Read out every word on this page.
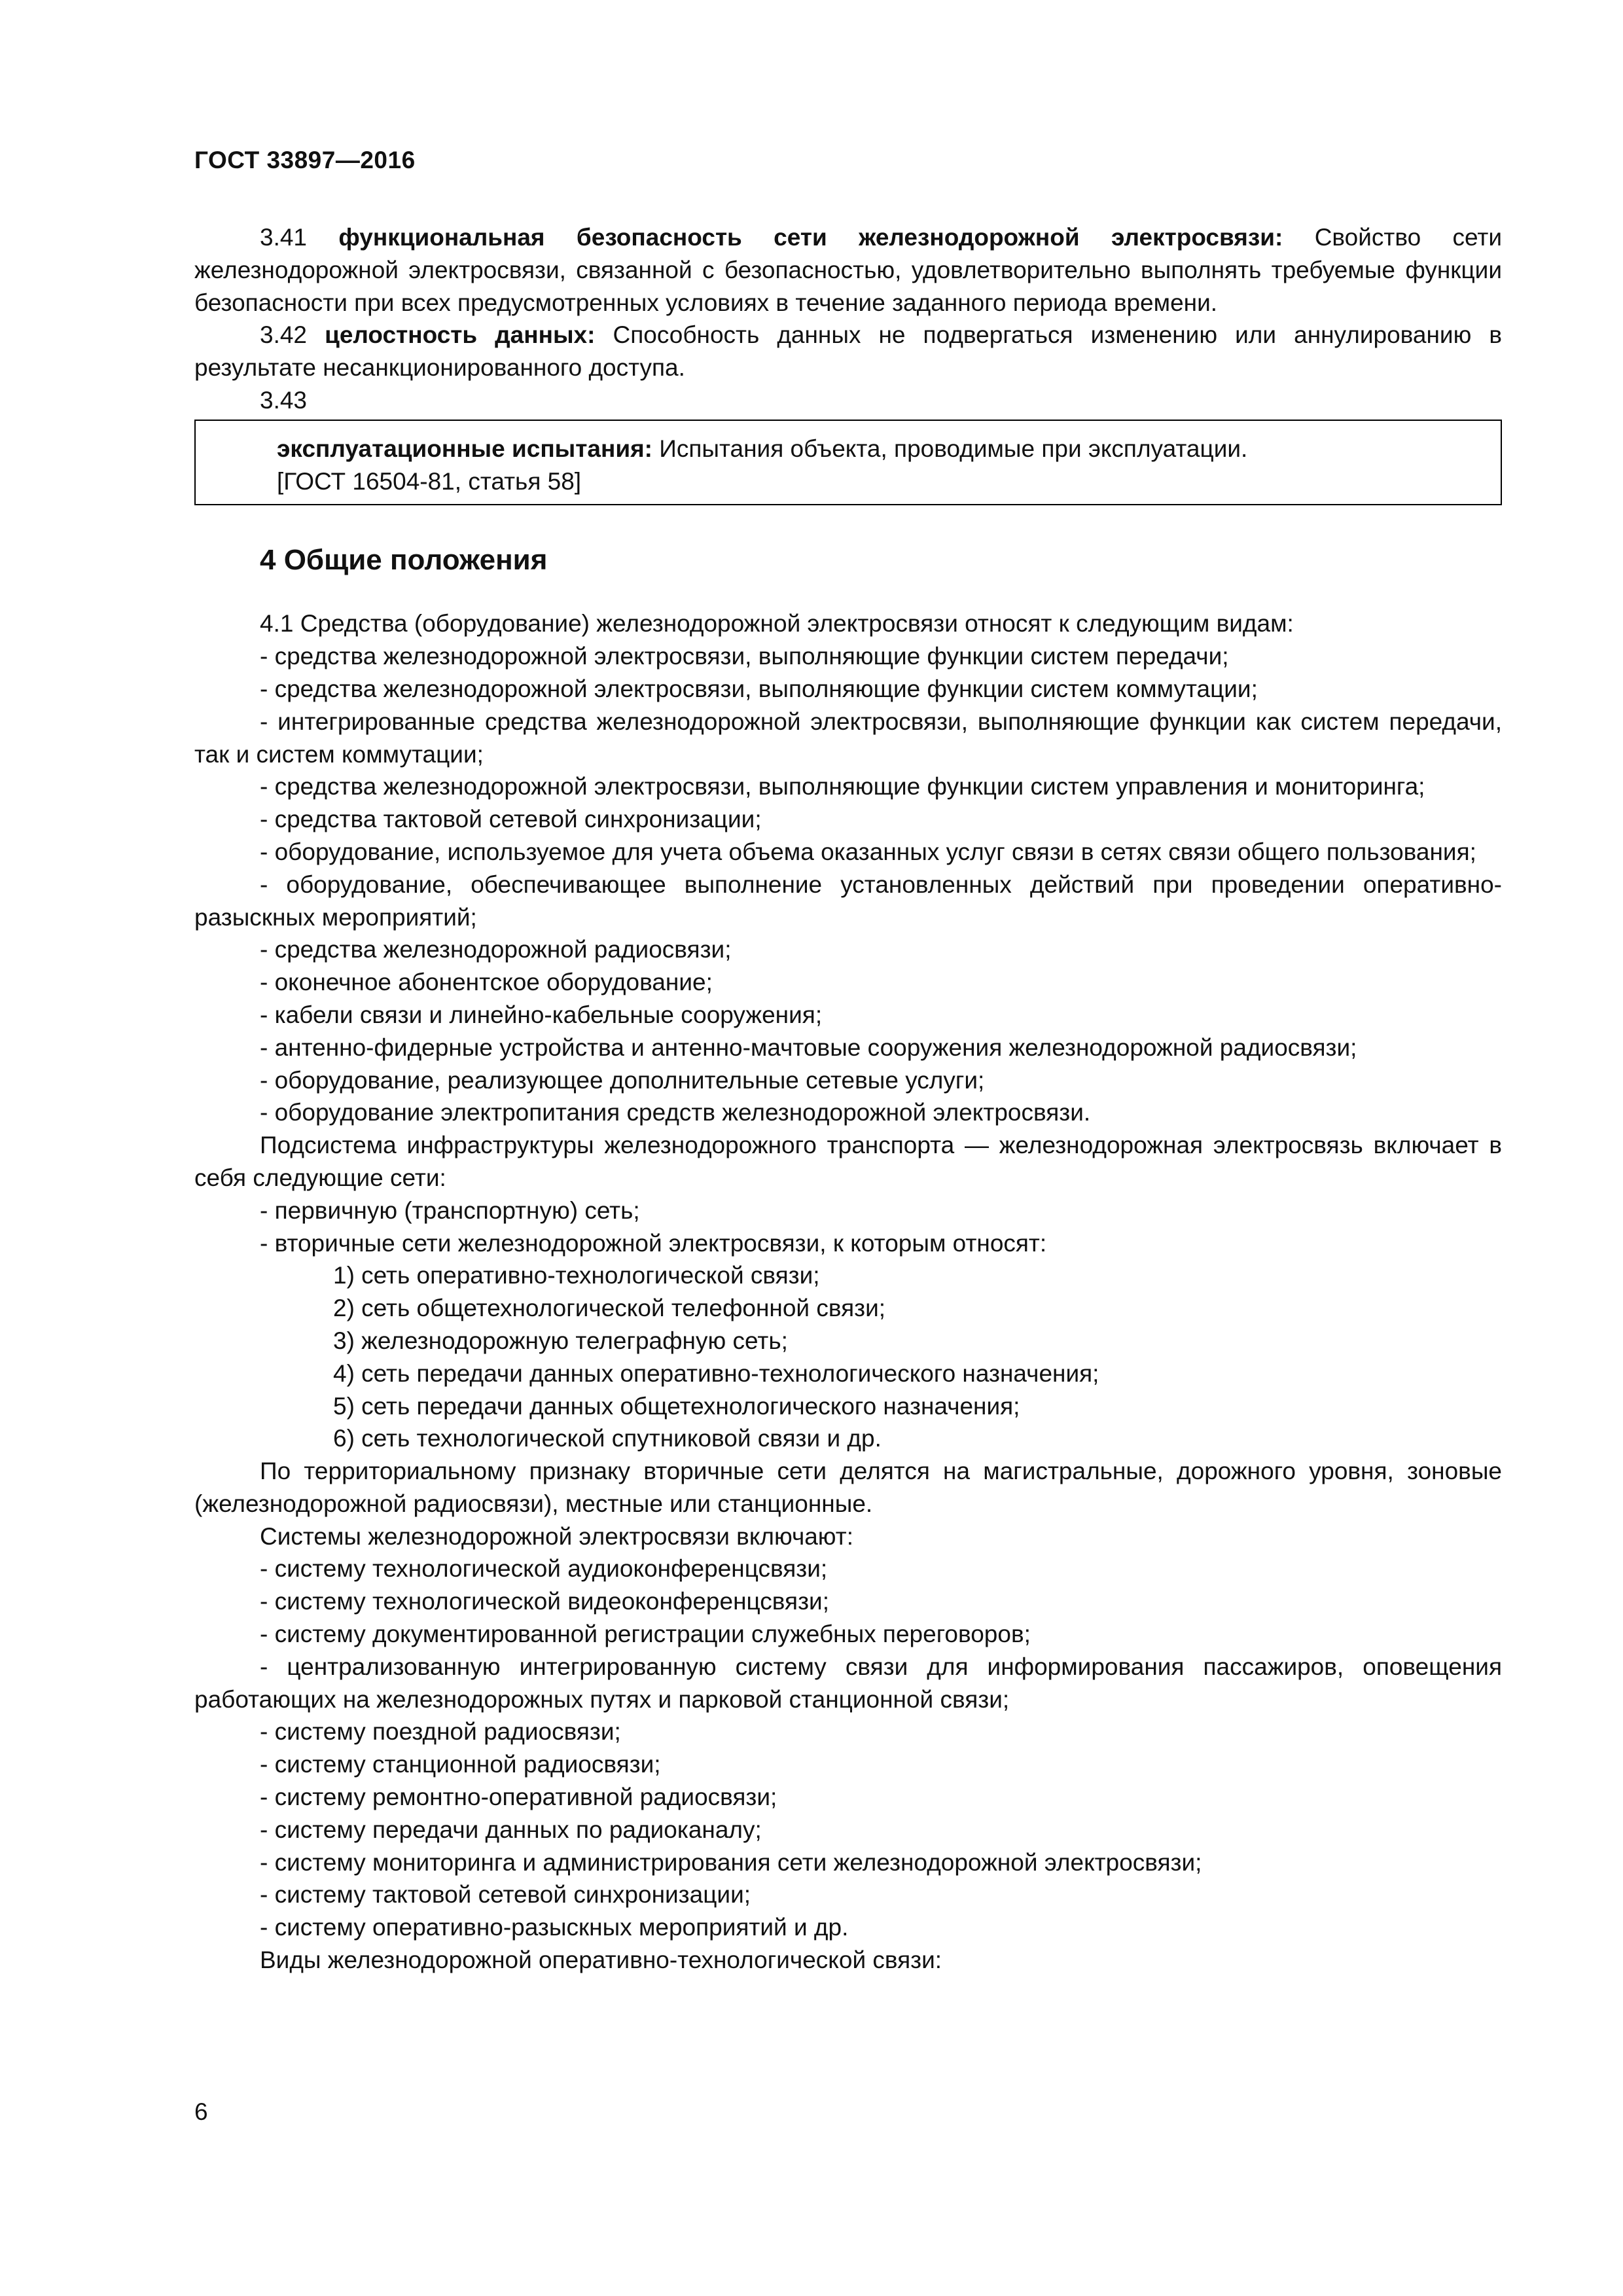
ГОСТ 33897—2016

3.41 функциональная безопасность сети железнодорожной электросвязи: Свойство сети железнодорожной электросвязи, связанной с безопасностью, удовлетворительно выполнять требуемые функции безопасности при всех предусмотренных условиях в течение заданного периода времени.

3.42 целостность данных: Способность данных не подвергаться изменению или аннулированию в результате несанкционированного доступа.

3.43

эксплуатационные испытания: Испытания объекта, проводимые при эксплуатации.

[ГОСТ 16504-81, статья 58]

4 Общие положения

4.1 Средства (оборудование) железнодорожной электросвязи относят к следующим видам:

- средства железнодорожной электросвязи, выполняющие функции систем передачи;

- средства железнодорожной электросвязи, выполняющие функции систем коммутации;

- интегрированные средства железнодорожной электросвязи, выполняющие функции как систем передачи, так и систем коммутации;

- средства железнодорожной электросвязи, выполняющие функции систем управления и мониторинга;

- средства тактовой сетевой синхронизации;

- оборудование, используемое для учета объема оказанных услуг связи в сетях связи общего пользования;

- оборудование, обеспечивающее выполнение установленных действий при проведении оперативно-разыскных мероприятий;

- средства железнодорожной радиосвязи;

- оконечное абонентское оборудование;

- кабели связи и линейно-кабельные сооружения;

- антенно-фидерные устройства и антенно-мачтовые сооружения железнодорожной радиосвязи;

- оборудование, реализующее дополнительные сетевые услуги;

- оборудование электропитания средств железнодорожной электросвязи.

Подсистема инфраструктуры железнодорожного транспорта — железнодорожная электросвязь включает в себя следующие сети:

- первичную (транспортную) сеть;

- вторичные сети железнодорожной электросвязи, к которым относят:

1) сеть оперативно-технологической связи;

2) сеть общетехнологической телефонной связи;

3) железнодорожную телеграфную сеть;

4) сеть передачи данных оперативно-технологического назначения;

5) сеть передачи данных общетехнологического назначения;

6) сеть технологической спутниковой связи и др.

По территориальному признаку вторичные сети делятся на магистральные, дорожного уровня, зоновые (железнодорожной радиосвязи), местные или станционные.

Системы железнодорожной электросвязи включают:

- систему технологической аудиоконференцсвязи;

- систему технологической видеоконференцсвязи;

- систему документированной регистрации служебных переговоров;

- централизованную интегрированную систему связи для информирования пассажиров, оповещения работающих на железнодорожных путях и парковой станционной связи;

- систему поездной радиосвязи;

- систему станционной радиосвязи;

- систему ремонтно-оперативной радиосвязи;

- систему передачи данных по радиоканалу;

- систему мониторинга и администрирования сети железнодорожной электросвязи;

- систему тактовой сетевой синхронизации;

- систему оперативно-разыскных мероприятий и др.

Виды железнодорожной оперативно-технологической связи:

6
